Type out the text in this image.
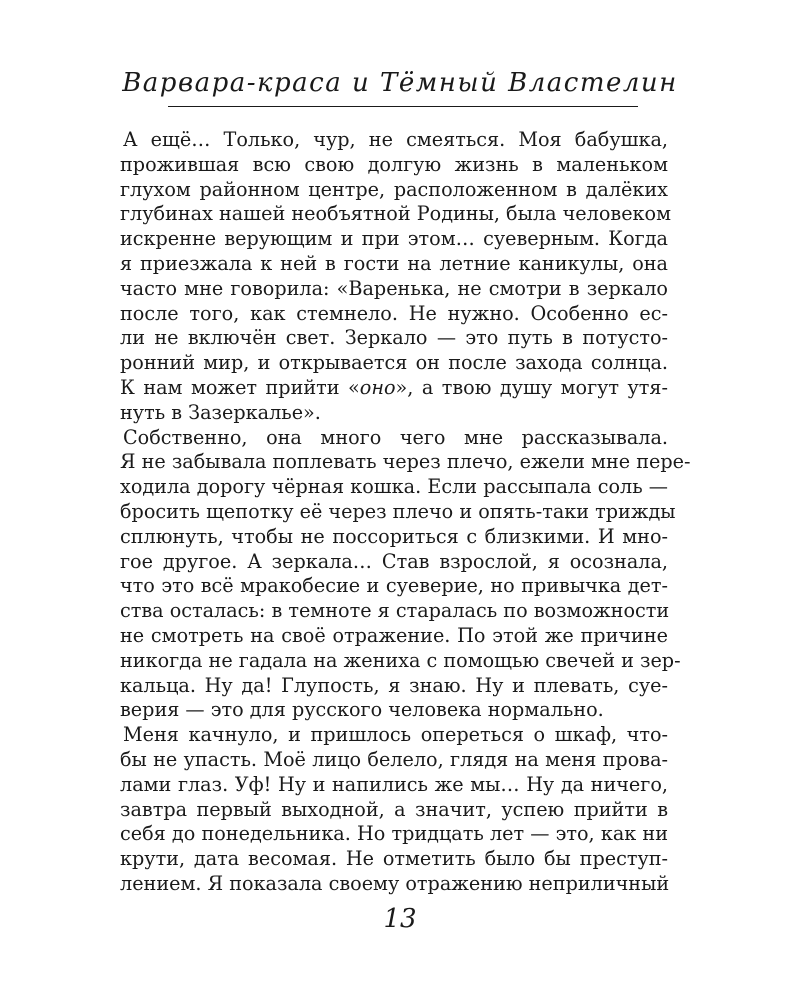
Варвара-краса и Тёмный Властелин
А ещё… Только, чур, не смеяться. Моя бабушка,
прожившая всю свою долгую жизнь в маленьком
глухом районном центре, расположенном в далёких
глубинах нашей необъятной Родины, была человеком
искренне верующим и при этом… суеверным. Когда
я приезжала к ней в гости на летние каникулы, она
часто мне говорила: «Варенька, не смотри в зеркало
после того, как стемнело. Не нужно. Особенно ес-
ли не включён свет. Зеркало — это путь в потусто-
ронний мир, и открывается он после захода солнца.
К нам может прийти «оно», а твою душу могут утя-
нуть в Зазеркалье».
Собственно, она много чего мне рассказывала.
Я не забывала поплевать через плечо, ежели мне пере-
ходила дорогу чёрная кошка. Если рассыпала соль —
бросить щепотку её через плечо и опять-таки трижды
сплюнуть, чтобы не поссориться с близкими. И мно-
гое другое. А зеркала… Став взрослой, я осознала,
что это всё мракобесие и суеверие, но привычка дет-
ства осталась: в темноте я старалась по возможности
не смотреть на своё отражение. По этой же причине
никогда не гадала на жениха с помощью свечей и зер-
кальца. Ну да! Глупость, я знаю. Ну и плевать, суе-
верия — это для русского человека нормально.
Меня качнуло, и пришлось опереться о шкаф, что-
бы не упасть. Моё лицо белело, глядя на меня прова-
лами глаз. Уф! Ну и напились же мы… Ну да ничего,
завтра первый выходной, а значит, успею прийти в
себя до понедельника. Но тридцать лет — это, как ни
крути, дата весомая. Не отметить было бы преступ-
лением. Я показала своему отражению неприличный
13
